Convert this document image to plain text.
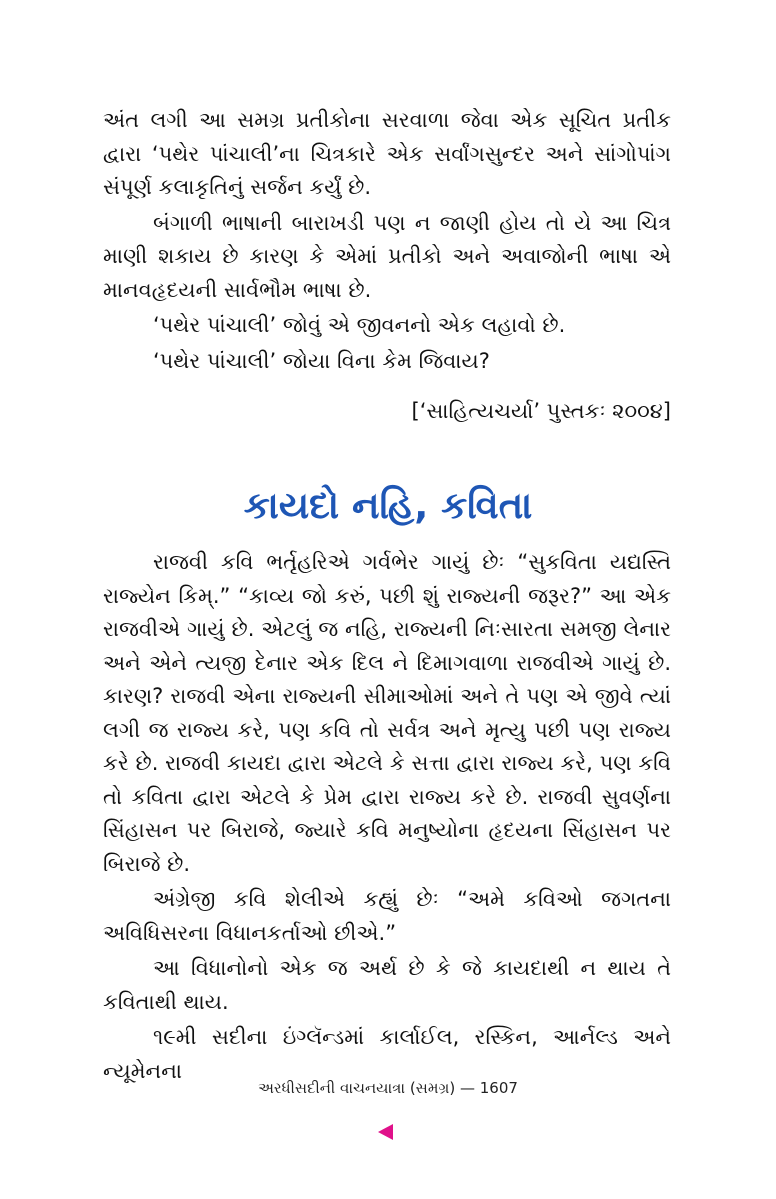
અંત લગી આ સમગ્ર પ્રતીકોના સરવાળા જેવા એક સૂચિત પ્રતીક દ્વારા ‘પથેર પાંચાલી’ના ચિત્રકારે એક સર્વાંગસુન્દર અને સાંગોપાંગ સંપૂર્ણ કલાકૃતિનું સર્જન કર્યું છે.

બંગાળી ભાષાની બારાખડી પણ ન જાણી હોય તો યે આ ચિત્ર માણી શકાય છે કારણ કે એમાં પ્રતીકો અને અવાજોની ભાષા એ માનવહૃદયની સાર્વભૌમ ભાષા છે.

‘પથેર પાંચાલી’ જોવું એ જીવનનો એક લહાવો છે.

‘પથેર પાંચાલી’ જોયા વિના કેમ જિવાય?

[‘સાહિત્યચર્યા’ પુસ્તકઃ ૨૦૦૪]
કાયદો નહિ, કવિતા

રાજવી કવિ ભર્તૃહરિએ ગર્વભેર ગાયું છેઃ “સુકવિતા યદ્યસ્તિ રાજ્યેન કિમ્.” “કાવ્ય જો કરું, પછી શું રાજ્યની જરૂર?” આ એક રાજવીએ ગાયું છે. એટલું જ નહિ, રાજ્યની નિઃસારતા સમજી લેનાર અને એને ત્યજી દેનાર એક દિલ ને દિમાગવાળા રાજવીએ ગાયું છે. કારણ? રાજવી એના રાજ્યની સીમાઓમાં અને તે પણ એ જીવે ત્યાં લગી જ રાજ્ય કરે, પણ કવિ તો સર્વત્ર અને મૃત્યુ પછી પણ રાજ્ય કરે છે. રાજવી કાયદા દ્વારા એટલે કે સત્તા દ્વારા રાજ્ય કરે, પણ કવિ તો કવિતા દ્વારા એટલે કે પ્રેમ દ્વારા રાજ્ય કરે છે. રાજવી સુવર્ણના સિંહાસન પર બિરાજે, જ્યારે કવિ મનુષ્યોના હૃદયના સિંહાસન પર બિરાજે છે.

અંગ્રેજી કવિ શેલીએ કહ્યું છેઃ “અમે કવિઓ જગતના અવિધિસરના વિધાનકર્તાઓ છીએ.”

આ વિધાનોનો એક જ અર્થ છે કે જે કાયદાથી ન થાય તે કવિતાથી થાય.

૧૯મી સદીના ઇંગ્લૅન્ડમાં કાર્લાઈલ, રસ્કિન, આર્નલ્ડ અને ન્યૂમેનના

અરધીસદીની વાચનયાત્રા (સમગ્ર) — 1607
